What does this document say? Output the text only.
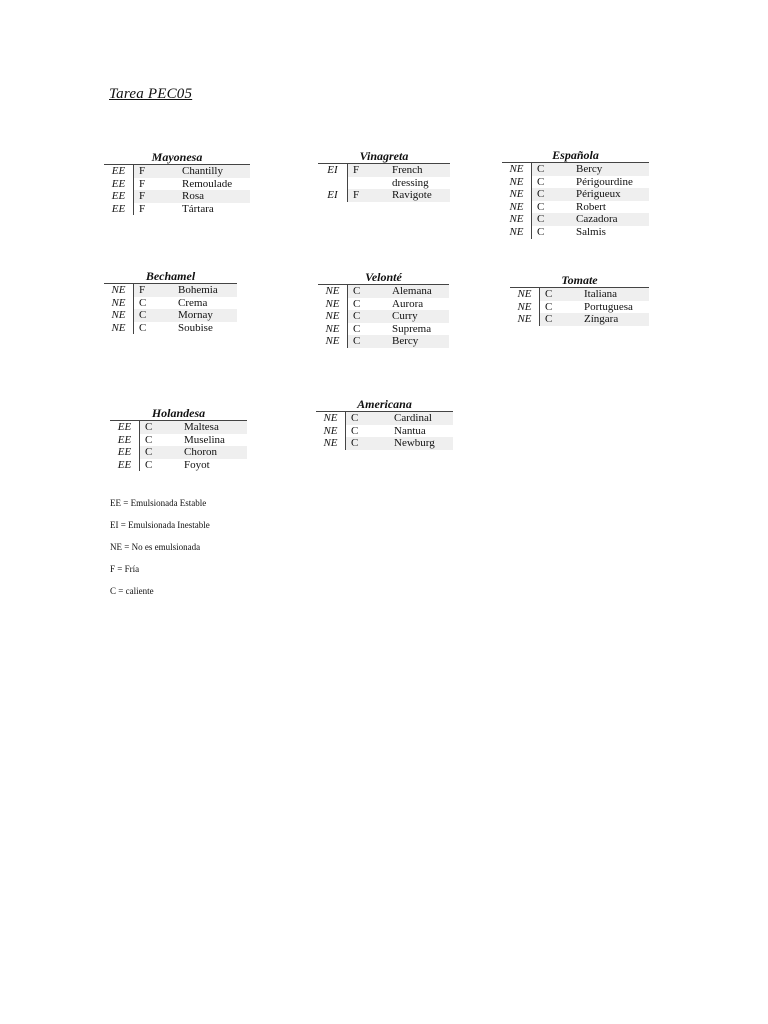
Tarea PEC05
Mayonesa
EE	F	Chantilly
EE	F	Remoulade
EE	F	Rosa
EE	F	Tártara
Vinagreta
EI	F	French
dressing
EI	F	Ravigote
Española
NE	C	Bercy
NE	C	Périgourdine
NE	C	Périgueux
NE	C	Robert
NE	C	Cazadora
NE	C	Salmis
Bechamel
NE	F	Bohemia
NE	C	Crema
NE	C	Mornay
NE	C	Soubise
Velonté
NE	C	Alemana
NE	C	Aurora
NE	C	Curry
NE	C	Suprema
NE	C	Bercy
Tomate
NE	C	Italiana
NE	C	Portuguesa
NE	C	Zíngara
Holandesa
EE	C	Maltesa
EE	C	Muselina
EE	C	Choron
EE	C	Foyot
Americana
NE	C	Cardinal
NE	C	Nantua
NE	C	Newburg
EE = Emulsionada Estable
EI = Emulsionada Inestable
NE = No es emulsionada
F = Fría
C = caliente
